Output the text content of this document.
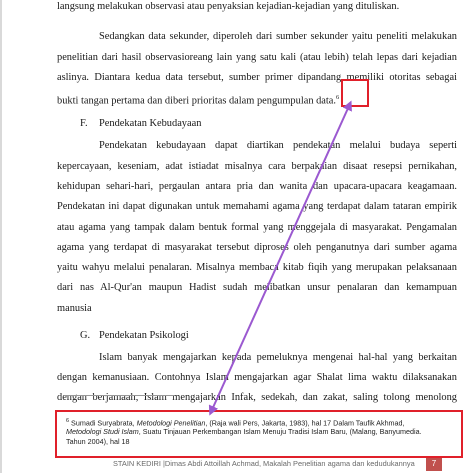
langsung melakukan observasi atau penyaksian kejadian-kejadian yang dituliskan.
Sedangkan data sekunder, diperoleh dari sumber sekunder yaitu peneliti melakukan
penelitian dari hasil observasioreang lain yang satu kali (atau lebih) telah lepas dari kejadian
aslinya. Diantara kedua data tersebut, sumber primer dipandang memiliki otoritas sebagai
bukti tangan pertama dan diberi prioritas dalam pengumpulan data.$^6$
F. Pendekatan Kebudayaan
Pendekatan kebudayaan dapat diartikan pendekatan melalui budaya seperti
kepercayaan, keseniam, adat istiadat misalnya cara berpakaian disaat resepsi pernikahan,
kehidupan sehari-hari, pergaulan antara pria dan wanita dan upacara-upacara keagamaan.
Pendekatan ini dapat digunakan untuk memahami agama yang terdapat dalam tataran empirik
atau agama yang tampak dalam bentuk formal yang menggejala di masyarakat. Pengamalan
agama yang terdapat di masyarakat tersebut diproses oleh penganutnya dari sumber agama
yaitu wahyu melalui penalaran. Misalnya membaca kitab fiqih yang merupakan pelaksanaan
dari nas Al-Qur'an maupun Hadist sudah melibatkan unsur penalaran dan kemampuan
manusia
G. Pendekatan Psikologi
Islam banyak mengajarkan kepada pemeluknya mengenai hal-hal yang berkaitan
dengan kemanusiaan. Contohnya Islam mengajarkan agar Shalat lima waktu dilaksanakan
dengan berjamaah, Islam mengajarkan Infak, sedekah, dan zakat, saling tolong menolong
$^6$ Sumadi Suryabrata, Metodologi Penelitian, (Raja wali Pers, Jakarta, 1983), hal 17 Dalam Taufik Akhmad,
Metodologi Studi Islam, Suatu Tinjauan Perkembangan Islam Menuju Tradisi Islam Baru, (Malang, Banyumedia.
Tahun 2004), hal 18
STAIN KEDIRI |Dimas Abdi Attoillah Achmad, Makalah Penelitian agama dan kedudukannya	7
